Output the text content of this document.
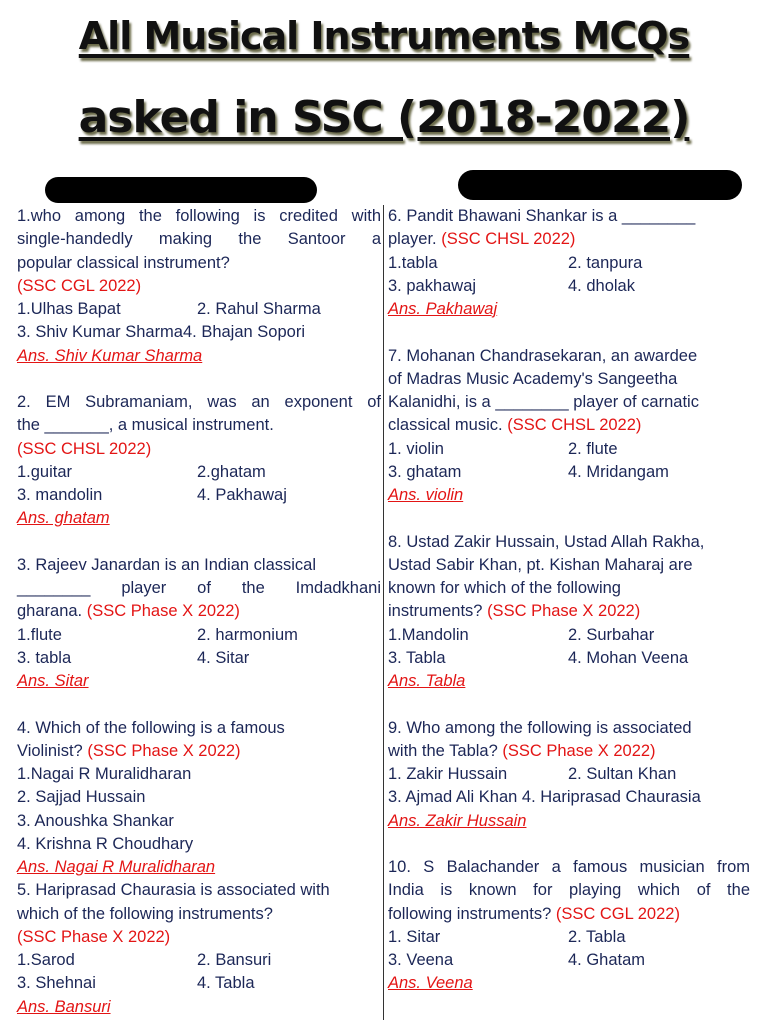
All Musical Instruments MCQs
asked in SSC (2018-2022)
1.who among the following is credited with
single-handedly making the Santoor a
popular classical instrument?
(SSC CGL 2022)
1.Ulhas Bapat	2. Rahul Sharma
3. Shiv Kumar Sharma4. Bhajan Sopori
Ans. Shiv Kumar Sharma
2. EM Subramaniam, was an exponent of
the _______, a musical instrument.
(SSC CHSL 2022)
1.guitar	2.ghatam
3. mandolin	4. Pakhawaj
Ans. ghatam
3. Rajeev Janardan is an Indian classical
________ player of the Imdadkhani
gharana. (SSC Phase X 2022)
1.flute	2. harmonium
3. tabla	4. Sitar
Ans. Sitar
4. Which of the following is a famous
Violinist? (SSC Phase X 2022)
1.Nagai R Muralidharan
2. Sajjad Hussain
3. Anoushka Shankar
4. Krishna R Choudhary
Ans. Nagai R Muralidharan
5. Hariprasad Chaurasia is associated with
which of the following instruments?
(SSC Phase X 2022)
1.Sarod	2. Bansuri
3. Shehnai	4. Tabla
Ans. Bansuri
6. Pandit Bhawani Shankar is a ________
player. (SSC CHSL 2022)
1.tabla	2. tanpura
3. pakhawaj	4. dholak
Ans. Pakhawaj
7. Mohanan Chandrasekaran, an awardee
of Madras Music Academy's Sangeetha
Kalanidhi, is a ________ player of carnatic
classical music. (SSC CHSL 2022)
1. violin	2. flute
3. ghatam	4. Mridangam
Ans. violin
8. Ustad Zakir Hussain, Ustad Allah Rakha,
Ustad Sabir Khan, pt. Kishan Maharaj are
known for which of the following
instruments? (SSC Phase X 2022)
1.Mandolin	2. Surbahar
3. Tabla	4. Mohan Veena
Ans. Tabla
9. Who among the following is associated
with the Tabla? (SSC Phase X 2022)
1. Zakir Hussain	2. Sultan Khan
3. Ajmad Ali Khan 4. Hariprasad Chaurasia
Ans. Zakir Hussain
10. S Balachander a famous musician from
India is known for playing which of the
following instruments? (SSC CGL 2022)
1. Sitar	2. Tabla
3. Veena	4. Ghatam
Ans. Veena
